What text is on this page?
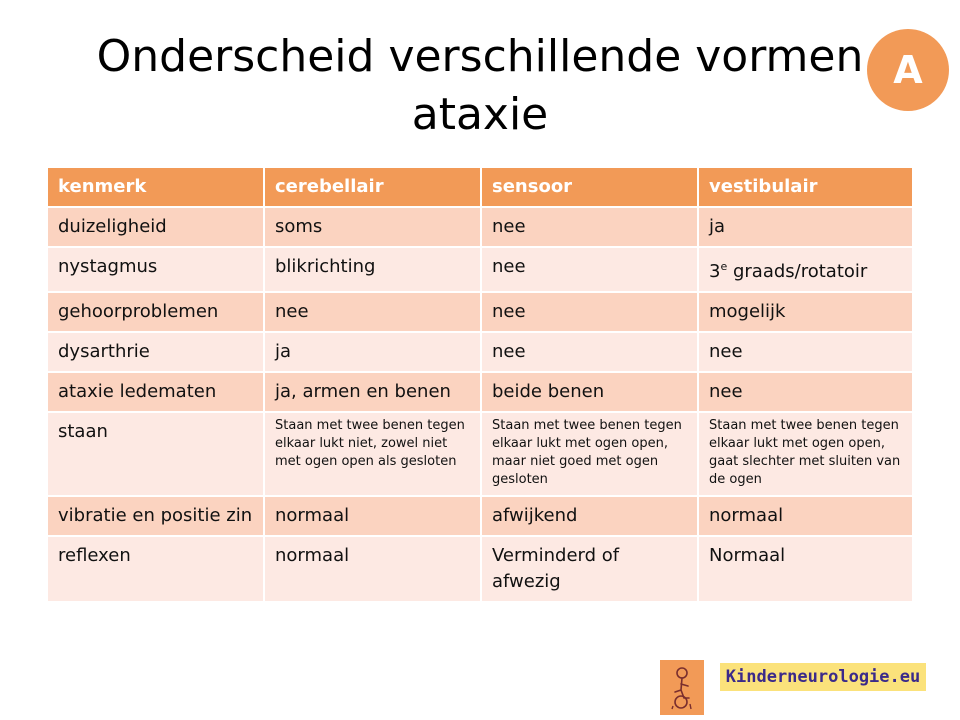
Onderscheid verschillende vormen ataxie
A
kenmerk	cerebellair	sensoor	vestibulair
duizeligheid	soms	nee	ja
nystagmus	blikrichting	nee	3e graads/rotatoir
gehoorproblemen	nee	nee	mogelijk
dysarthrie	ja	nee	nee
ataxie ledematen	ja, armen en benen	beide benen	nee
staan	Staan met twee benen tegen elkaar lukt niet, zowel niet met ogen open als gesloten	Staan met twee benen tegen elkaar lukt met ogen open, maar niet goed met ogen gesloten	Staan met twee benen tegen elkaar lukt met ogen open, gaat slechter met sluiten van de ogen
vibratie en positie zin	normaal	afwijkend	normaal
reflexen	normaal	Verminderd of afwezig	Normaal
Kinderneurologie.eu
